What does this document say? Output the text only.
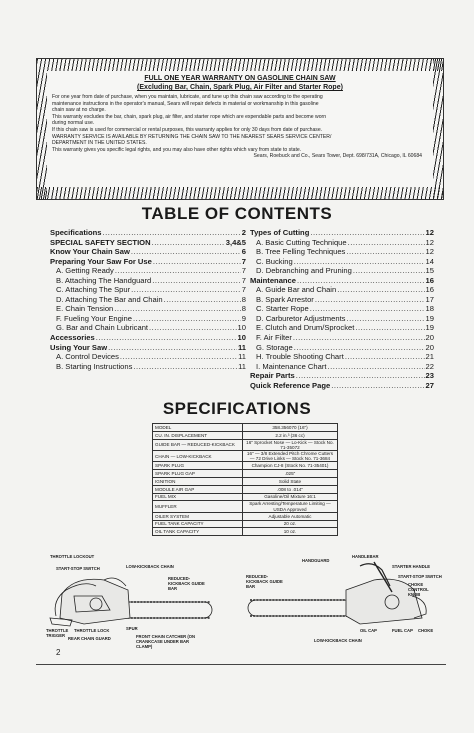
FULL ONE YEAR WARRANTY ON GASOLINE CHAIN SAW
(Excluding Bar, Chain, Spark Plug, Air Filter and Starter Rope)
For one year from date of purchase, when you maintain, lubricate, and tune up this chain saw according to the operating
maintenance instructions in the operator's manual, Sears will repair defects in material or workmanship in this gasoline
chain saw at no charge.
This warranty excludes the bar, chain, spark plug, air filter, and starter rope which are expendable parts and become worn
during normal use.
If this chain saw is used for commercial or rental purposes, this warranty applies for only 30 days from date of purchase.
WARRANTY SERVICE IS AVAILABLE BY RETURNING THE CHAIN SAW TO THE NEAREST SEARS SERVICE CENTER/
DEPARTMENT IN THE UNITED STATES.
This warranty gives you specific legal rights, and you may also have other rights which vary from state to state.
Sears, Roebuck and Co., Sears Tower, Dept. 698/731A, Chicago, IL 60684
TABLE OF CONTENTS
Specifications .....	2
SPECIAL SAFETY SECTION .....	3,4&5
Know Your Chain Saw .....	6
Preparing Your Saw For Use .....	7
A. Getting Ready .....	7
B. Attaching The Handguard .....	7
C. Attaching The Spur .....	7
D. Attaching The Bar and Chain .....	8
E. Chain Tension .....	8
F. Fueling Your Engine .....	9
G. Bar and Chain Lubricant .....	10
Accessories .....	10
Using Your Saw .....	11
A. Control Devices .....	11
B. Starting Instructions .....	11
Types of Cutting .....	12
A. Basic Cutting Technique .....	12
B. Tree Felling Techniques .....	12
C. Bucking .....	14
D. Debranching and Pruning .....	15
Maintenance .....	16
A. Guide Bar and Chain .....	16
B. Spark Arrestor .....	17
C. Starter Rope .....	18
D. Carburetor Adjustments .....	19
E. Clutch and Drum/Sprocket .....	19
F. Air Filter .....	20
G. Storage .....	20
H. Trouble Shooting Chart .....	21
I. Maintenance Chart .....	22
Repair Parts .....	23
Quick Reference Page .....	27
SPECIFICATIONS
MODEL	358.356070 (16")
CU. IN. DISPLACEMENT	2.2 in.³ (36 cc)
GUIDE BAR — REDUCED-KICKBACK	16" Sprocket Nose — Lo-Kick — Stock No. 71-35072
CHAIN — LOW-KICKBACK	16" — 3/8 Extended Pitch Chrome Cutters — 72 Drive Links — Stock No. 71-3684
SPARK PLUG	Champion CJ-8 (Stock No. 71-35401)
SPARK PLUG GAP	.025"
IGNITION	Solid State
MODULE AIR GAP	.008 to .014"
FUEL MIX	Gasoline/Oil Mixture 16:1
MUFFLER	Spark Arresting/Temperature Limiting — USDA Approved
OILER SYSTEM	Adjustable Automatic
FUEL TANK CAPACITY	20 oz.
OIL TANK CAPACITY	10 oz.
THROTTLE LOCKOUT
START-STOP SWITCH	LOW-KICKBACK CHAIN
REDUCED-KICKBACK GUIDE BAR
THROTTLE TRIGGER
THROTTLE LOCK	SPUR
REAR CHAIN GUARD	FRONT CHAIN CATCHER (ON CRANKCASE UNDER BAR CLAMP)
HANDLEBAR
HANDGUARD
STARTER HANDLE
REDUCED-KICKBACK GUIDE BAR
START-STOP SWITCH
CHOKE CONTROL KNOB
OIL CAP	FUEL CAP CHOKE
LOW-KICKBACK CHAIN
2
